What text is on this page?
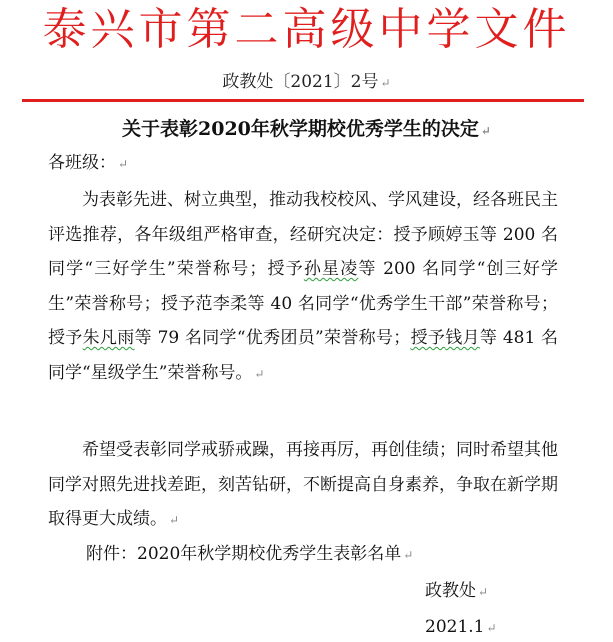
泰兴市第二高级中学文件
政教处〔2021〕2号 ↵
关于表彰2020年秋学期校优秀学生的决定 ↵
各班级： ↵
  为表彰先进、树立典型，推动我校校风、学风建设，经各班民主评选推荐，各年级组严格审查，经研究决定：授予顾婷玉等 200 名同学“三好学生”荣誉称号；授予孙星凌等 200 名同学“创三好学生”荣誉称号；授予范李柔等 40 名同学“优秀学生干部”荣誉称号；授予朱凡雨等 79 名同学“优秀团员”荣誉称号；授予钱月等 481 名同学“星级学生”荣誉称号。 ↵
  希望受表彰同学戒骄戒躁，再接再厉，再创佳绩；同时希望其他同学对照先进找差距，刻苦钻研，不断提高自身素养，争取在新学期取得更大成绩。 ↵
附件：2020年秋学期校优秀学生表彰名单 ↵
政教处 ↵
2021.1 ↵
